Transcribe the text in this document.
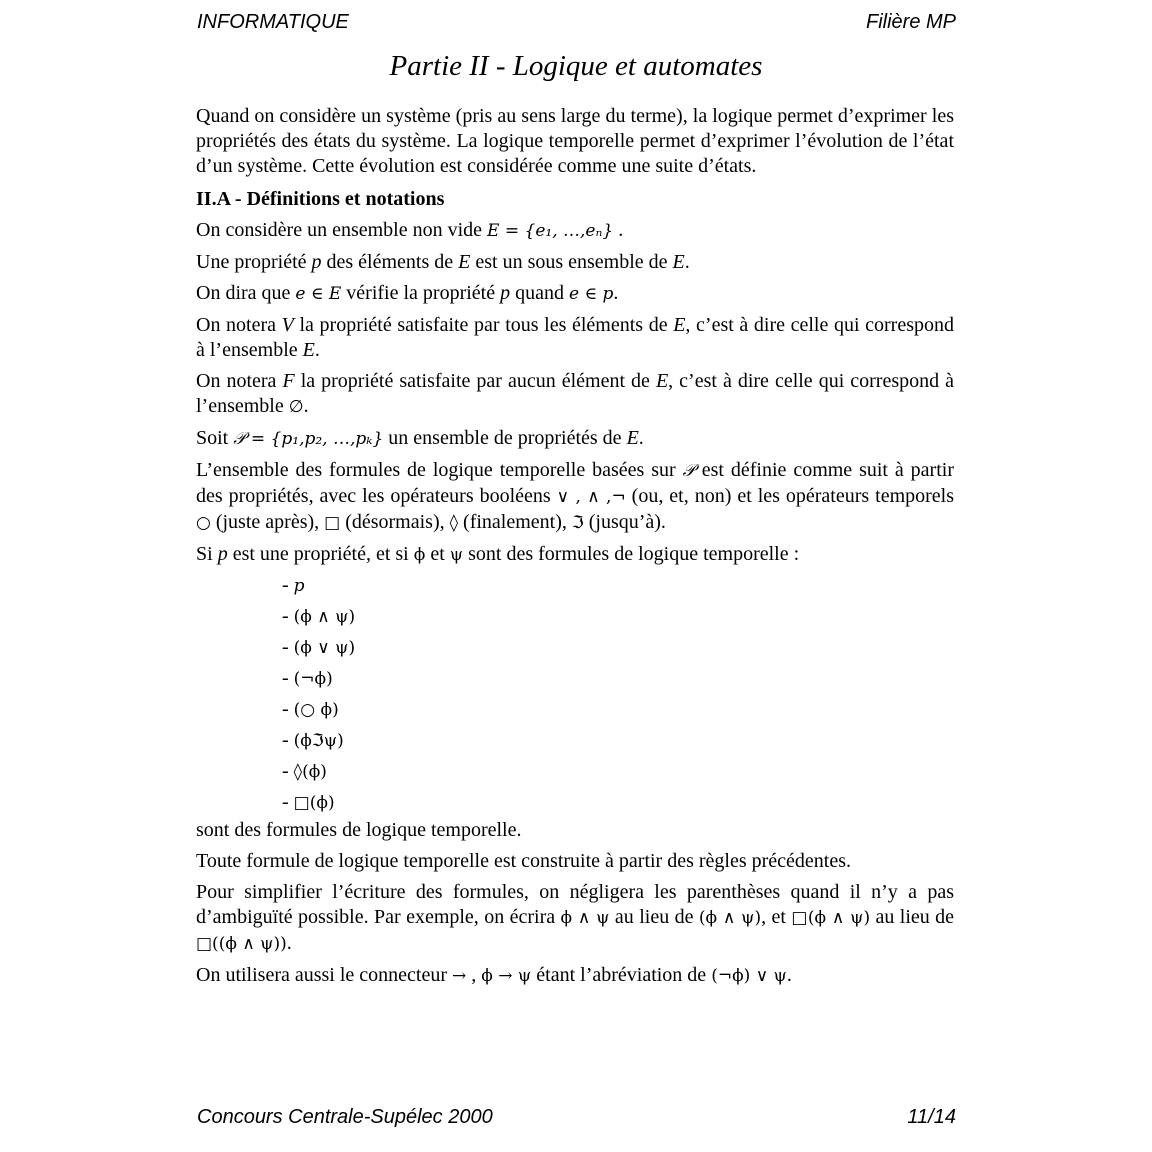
INFORMATIQUE	Filière MP
Partie II - Logique et automates

Quand on considère un système (pris au sens large du terme), la logique permet d’exprimer les propriétés des états du système. La logique temporelle permet d’exprimer l’évolution de l’état d’un système. Cette évolution est considérée comme une suite d’états.

II.A - Définitions et notations

On considère un ensemble non vide E = {e₁, …,eₙ} .

Une propriété p des éléments de E est un sous ensemble de E.

On dira que e ∈ E vérifie la propriété p quand e ∈ p.

On notera V la propriété satisfaite par tous les éléments de E, c’est à dire celle qui correspond à l’ensemble E.

On notera F la propriété satisfaite par aucun élément de E, c’est à dire celle qui correspond à l’ensemble ∅.

Soit 𝒫 = {p₁,p₂, …,pₖ} un ensemble de propriétés de E.

L’ensemble des formules de logique temporelle basées sur 𝒫 est définie comme suit à partir des propriétés, avec les opérateurs booléens ∨ , ∧ ,¬ (ou, et, non) et les opérateurs temporels ○ (juste après), □ (désormais), ◊ (finalement), ℑ (jusqu’à).

Si p est une propriété, et si ϕ et ψ sont des formules de logique temporelle :

- p
- (ϕ ∧ ψ)
- (ϕ ∨ ψ)
- (¬ϕ)
- (○ ϕ)
- (ϕℑψ)
- ◊(ϕ)
- □(ϕ)

sont des formules de logique temporelle.

Toute formule de logique temporelle est construite à partir des règles précédentes.

Pour simplifier l’écriture des formules, on négligera les parenthèses quand il n’y a pas d’ambiguïté possible. Par exemple, on écrira ϕ ∧ ψ au lieu de (ϕ ∧ ψ), et □(ϕ ∧ ψ) au lieu de □((ϕ ∧ ψ)).

On utilisera aussi le connecteur → , ϕ → ψ étant l’abréviation de (¬ϕ) ∨ ψ.

Concours Centrale-Supélec 2000	11/14
